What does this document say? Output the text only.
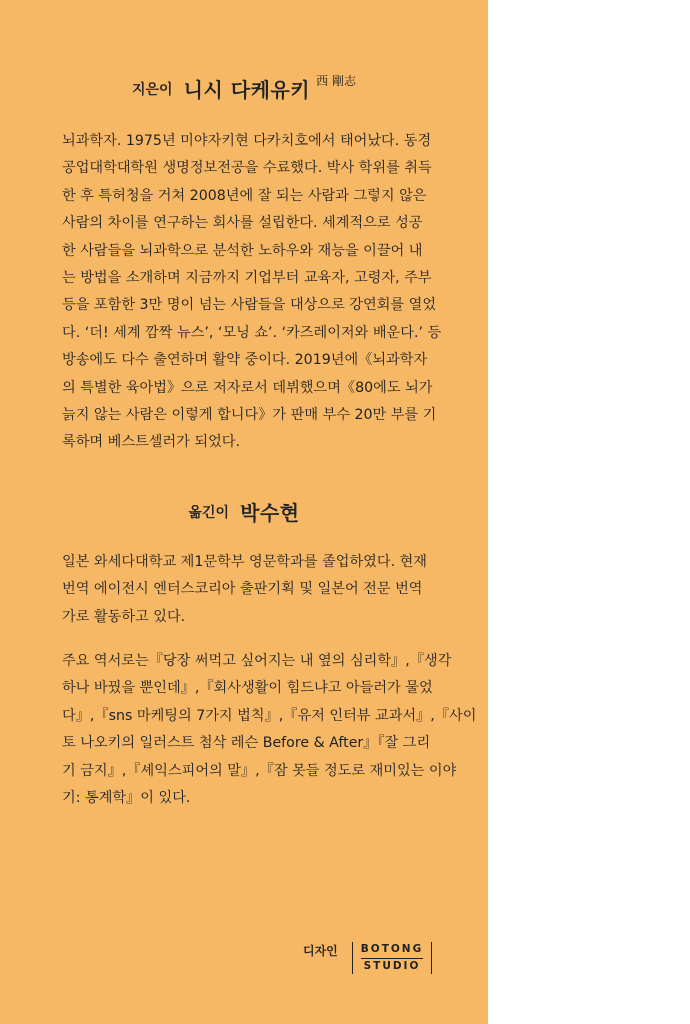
지은이 니시 다케유키 $^{西 剛志}$

뇌과학자. 1975년 미야자키현 다카치호에서 태어났다. 동경
공업대학대학원 생명정보전공을 수료했다. 박사 학위를 취득
한 후 특허청을 거쳐 2008년에 잘 되는 사람과 그렇지 않은
사람의 차이를 연구하는 회사를 설립한다. 세계적으로 성공
한 사람들을 뇌과학으로 분석한 노하우와 재능을 이끌어 내
는 방법을 소개하며 지금까지 기업부터 교육자, 고령자, 주부
등을 포함한 3만 명이 넘는 사람들을 대상으로 강연회를 열었
다. ‘더! 세계 깜짝 뉴스’, ‘모닝 쇼’. ‘카즈레이저와 배운다.’ 등
방송에도 다수 출연하며 활약 중이다. 2019년에《뇌과학자
의 특별한 육아법》으로 저자로서 데뷔했으며《80에도 뇌가
늙지 않는 사람은 이렇게 합니다》가 판매 부수 20만 부를 기
록하며 베스트셀러가 되었다.

옮긴이 박수현

일본 와세다대학교 제1문학부 영문학과를 졸업하였다. 현재
번역 에이전시 엔터스코리아 출판기획 및 일본어 전문 번역
가로 활동하고 있다.

주요 역서로는『당장 써먹고 싶어지는 내 옆의 심리학』,『생각
하나 바꿨을 뿐인데』,『회사생활이 힘드냐고 아들러가 물었
다』,『sns 마케팅의 7가지 법칙』,『유저 인터뷰 교과서』,『사이
토 나오키의 일러스트 첨삭 레슨 Before & After』『잘 그리
기 금지』,『셰익스피어의 말』,『잠 못들 정도로 재미있는 이야
기: 통계학』이 있다.

디자인 BOTONG
STUDIO
